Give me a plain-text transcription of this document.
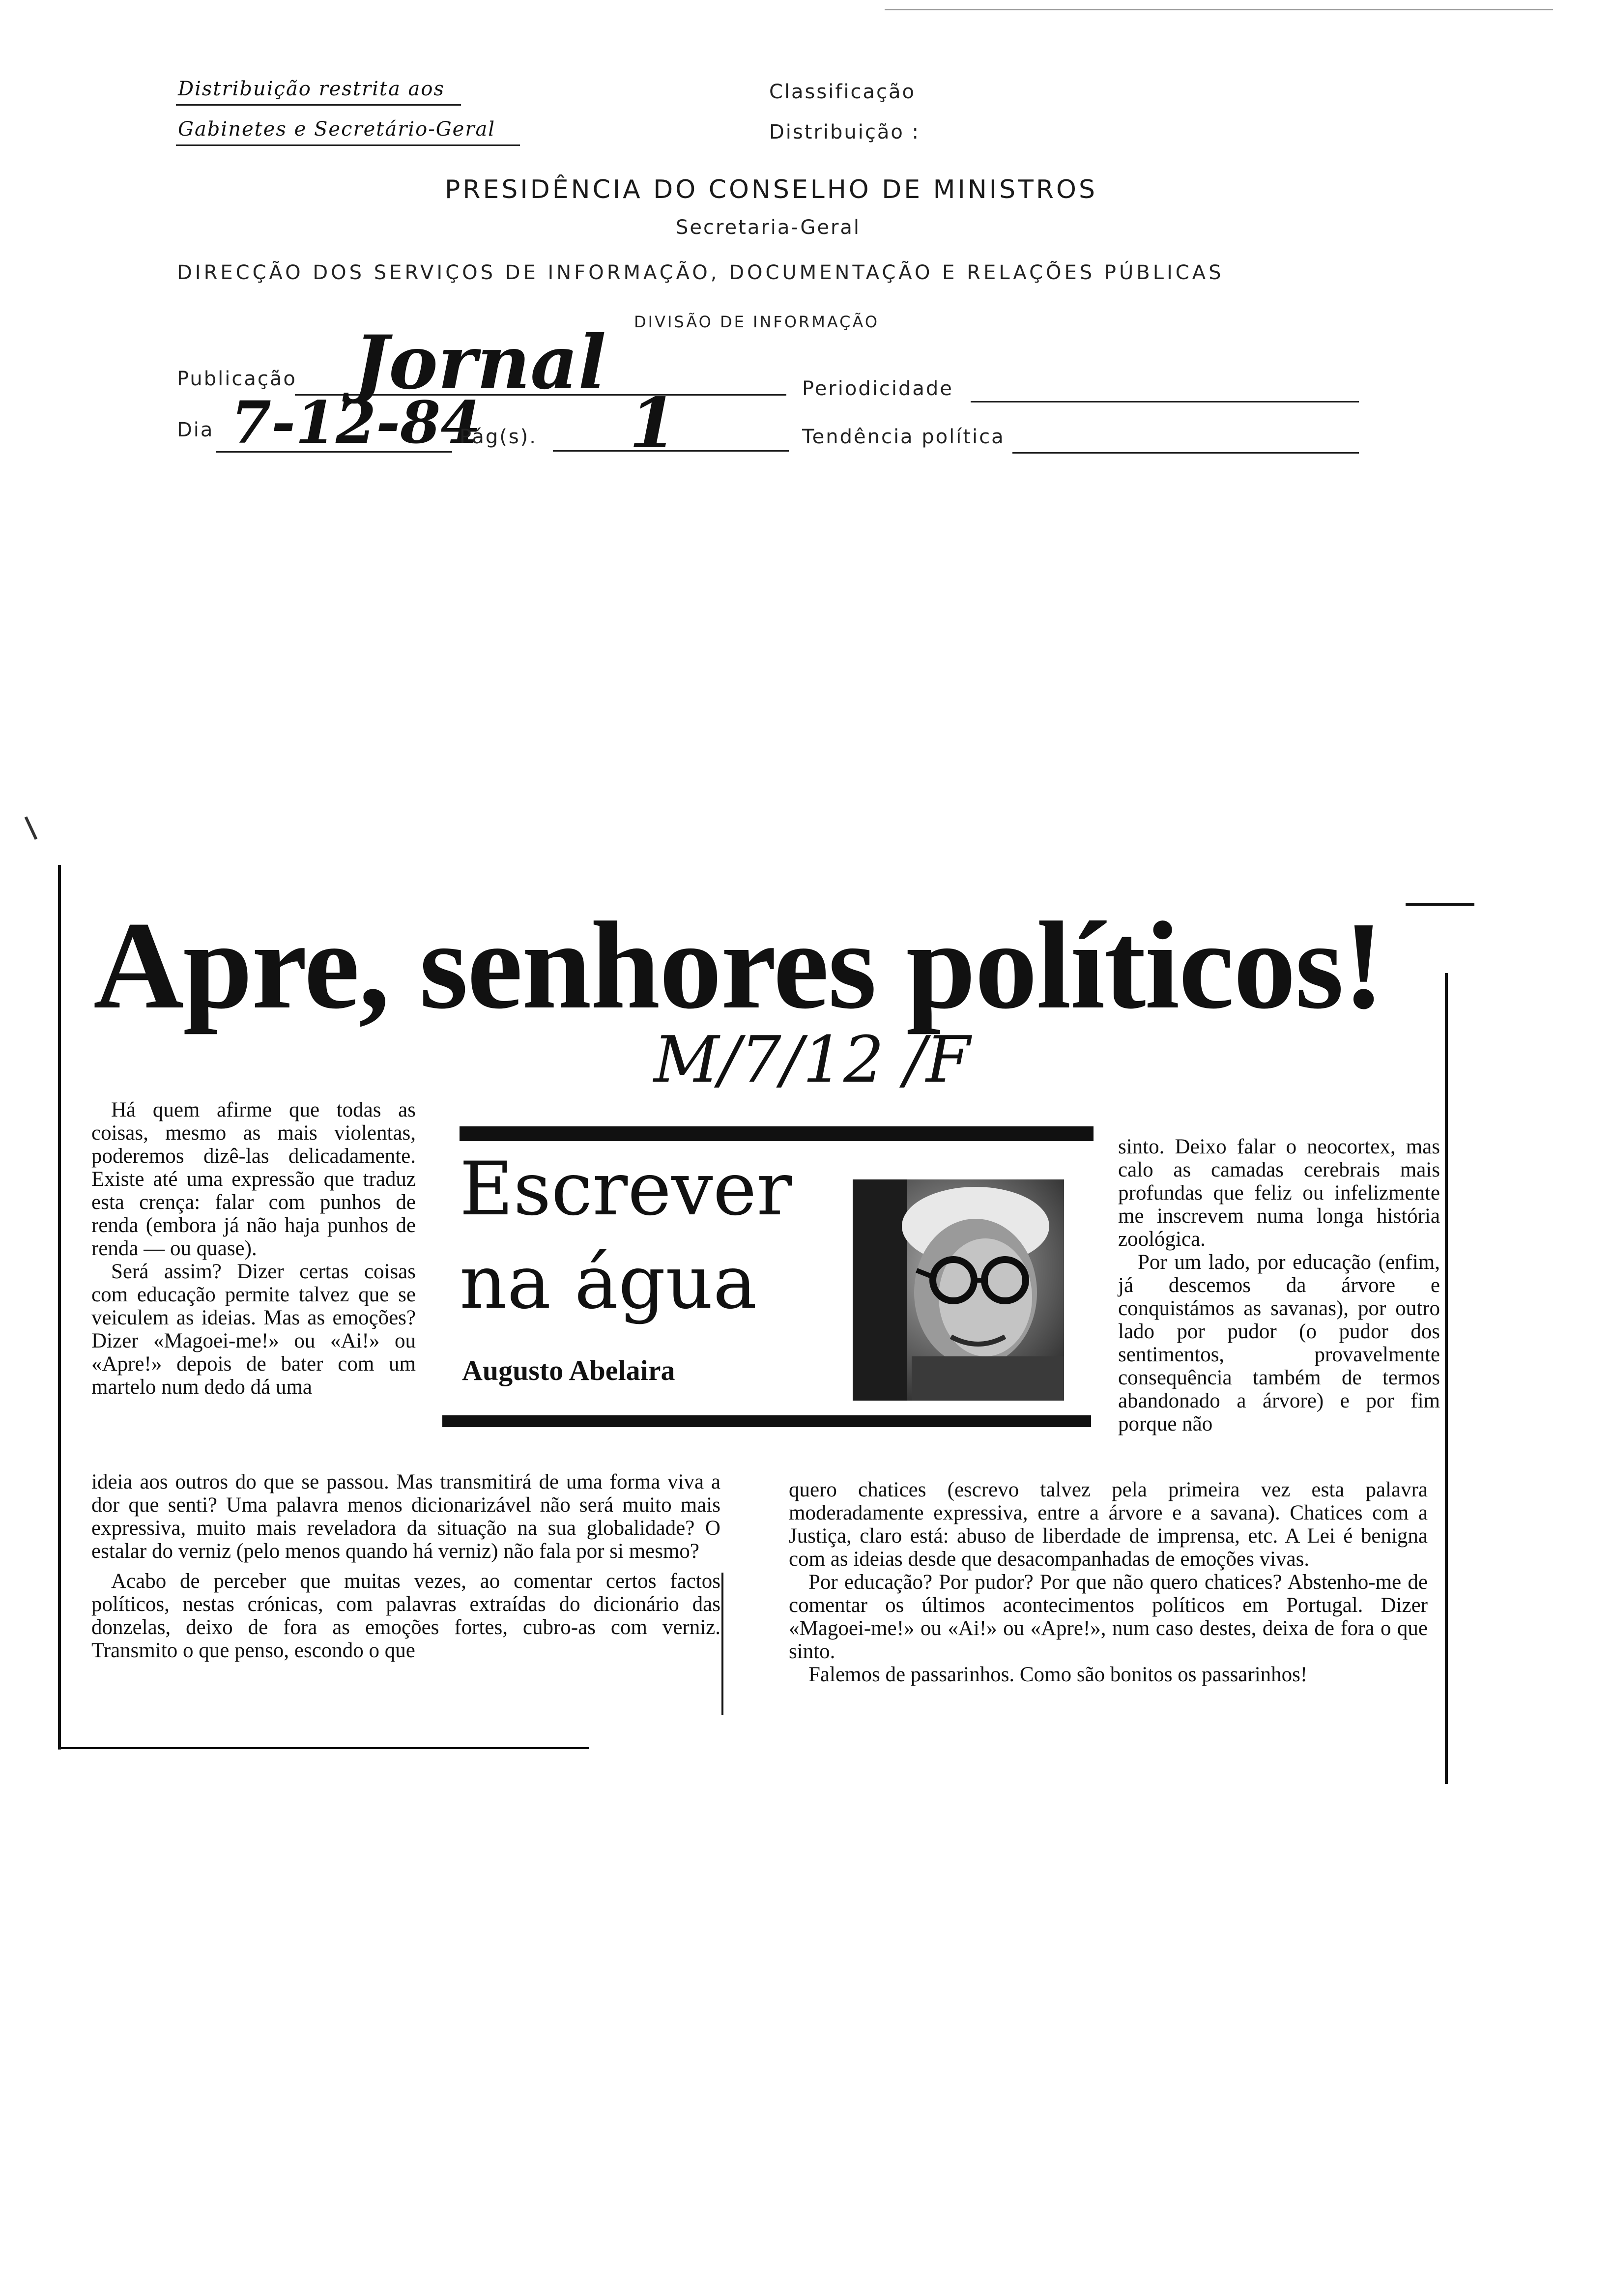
Distribuição restrita aos
Gabinetes e Secretário-Geral
Classificação
Distribuição :
PRESIDÊNCIA DO CONSELHO DE MINISTROS
Secretaria-Geral
DIRECÇÃO DOS SERVIÇOS DE INFORMAÇÃO, DOCUMENTAÇÃO E RELAÇÕES PÚBLICAS
DIVISÃO DE INFORMAÇÃO
Publicação Jornal	Periodicidade
Dia 7-12-84
Pág(s). 1	Tendência política
Apre, senhores políticos!
M/7/12 /F
Escrever
na água
Augusto Abelaira

Há quem afirme que todas as coisas, mesmo as mais violentas, poderemos dizê-las delicadamente. Existe até uma expressão que traduz esta crença: falar com punhos de renda (embora já não haja punhos de renda — ou quase).

Será assim? Dizer certas coisas com educação permite talvez que se veiculem as ideias. Mas as emoções? Dizer «Magoei-me!» ou «Ai!» ou «Apre!» depois de bater com um martelo num dedo dá uma

ideia aos outros do que se passou. Mas transmitirá de uma forma viva a dor que senti? Uma palavra menos dicionarizável não será muito mais expressiva, muito mais reveladora da situação na sua globalidade? O estalar do verniz (pelo menos quando há verniz) não fala por si mesmo?

Acabo de perceber que muitas vezes, ao comentar certos factos políticos, nestas crónicas, com palavras extraídas do dicionário das donzelas, deixo de fora as emoções fortes, cubro-as com verniz. Transmito o que penso, escondo o que

sinto. Deixo falar o neocortex, mas calo as camadas cerebrais mais profundas que feliz ou infelizmente me inscrevem numa longa história zoológica.

Por um lado, por educação (enfim, já descemos da árvore e conquistámos as savanas), por outro lado por pudor (o pudor dos sentimentos, provavelmente consequência também de termos abandonado a árvore) e por fim porque não

quero chatices (escrevo talvez pela primeira vez esta palavra moderadamente expressiva, entre a árvore e a savana). Chatices com a Justiça, claro está: abuso de liberdade de imprensa, etc. A Lei é benigna com as ideias desde que desacompanhadas de emoções vivas.

Por educação? Por pudor? Por que não quero chatices? Abstenho-me de comentar os últimos acontecimentos políticos em Portugal. Dizer «Magoei-me!» ou «Ai!» ou «Apre!», num caso destes, deixa de fora o que sinto.

Falemos de passarinhos. Como são bonitos os passarinhos!
